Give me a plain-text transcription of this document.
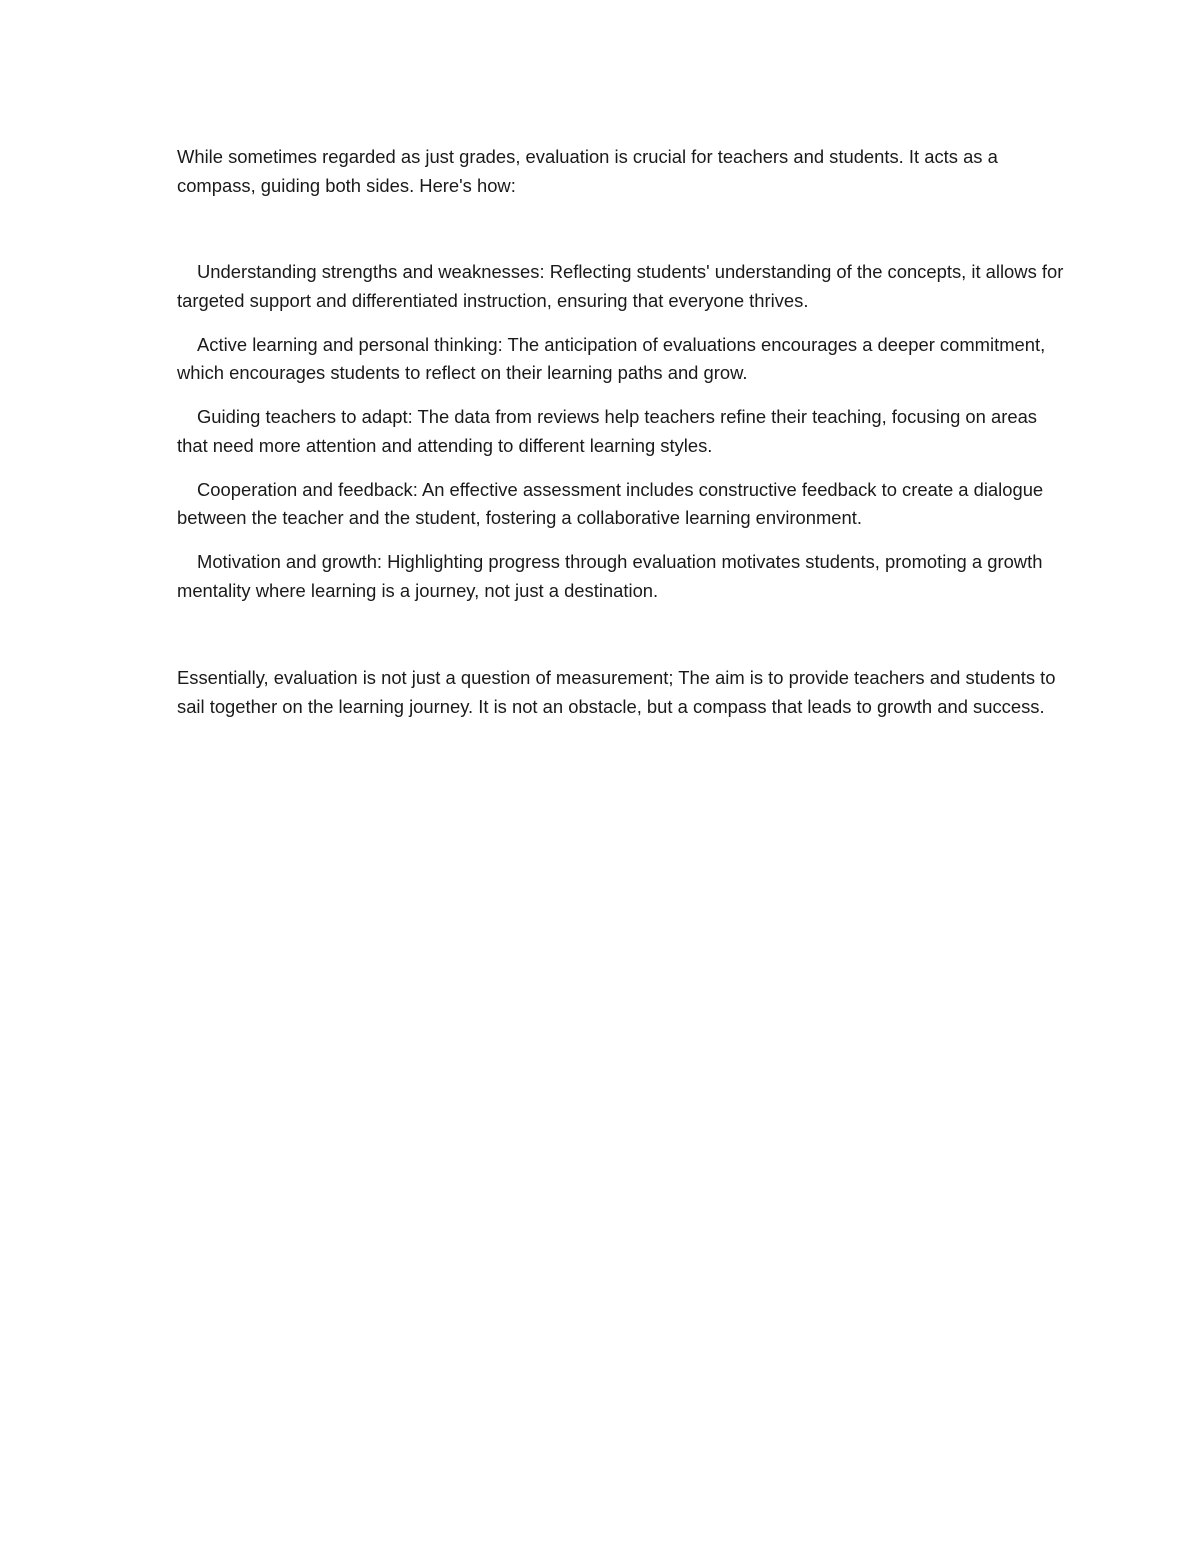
While sometimes regarded as just grades, evaluation is crucial for teachers and students. It acts as a compass, guiding both sides. Here's how:

Understanding strengths and weaknesses: Reflecting students' understanding of the concepts, it allows for targeted support and differentiated instruction, ensuring that everyone thrives.

Active learning and personal thinking: The anticipation of evaluations encourages a deeper commitment, which encourages students to reflect on their learning paths and grow.

Guiding teachers to adapt: The data from reviews help teachers refine their teaching, focusing on areas that need more attention and attending to different learning styles.

Cooperation and feedback: An effective assessment includes constructive feedback to create a dialogue between the teacher and the student, fostering a collaborative learning environment.

Motivation and growth: Highlighting progress through evaluation motivates students, promoting a growth mentality where learning is a journey, not just a destination.

Essentially, evaluation is not just a question of measurement; The aim is to provide teachers and students to sail together on the learning journey. It is not an obstacle, but a compass that leads to growth and success.
